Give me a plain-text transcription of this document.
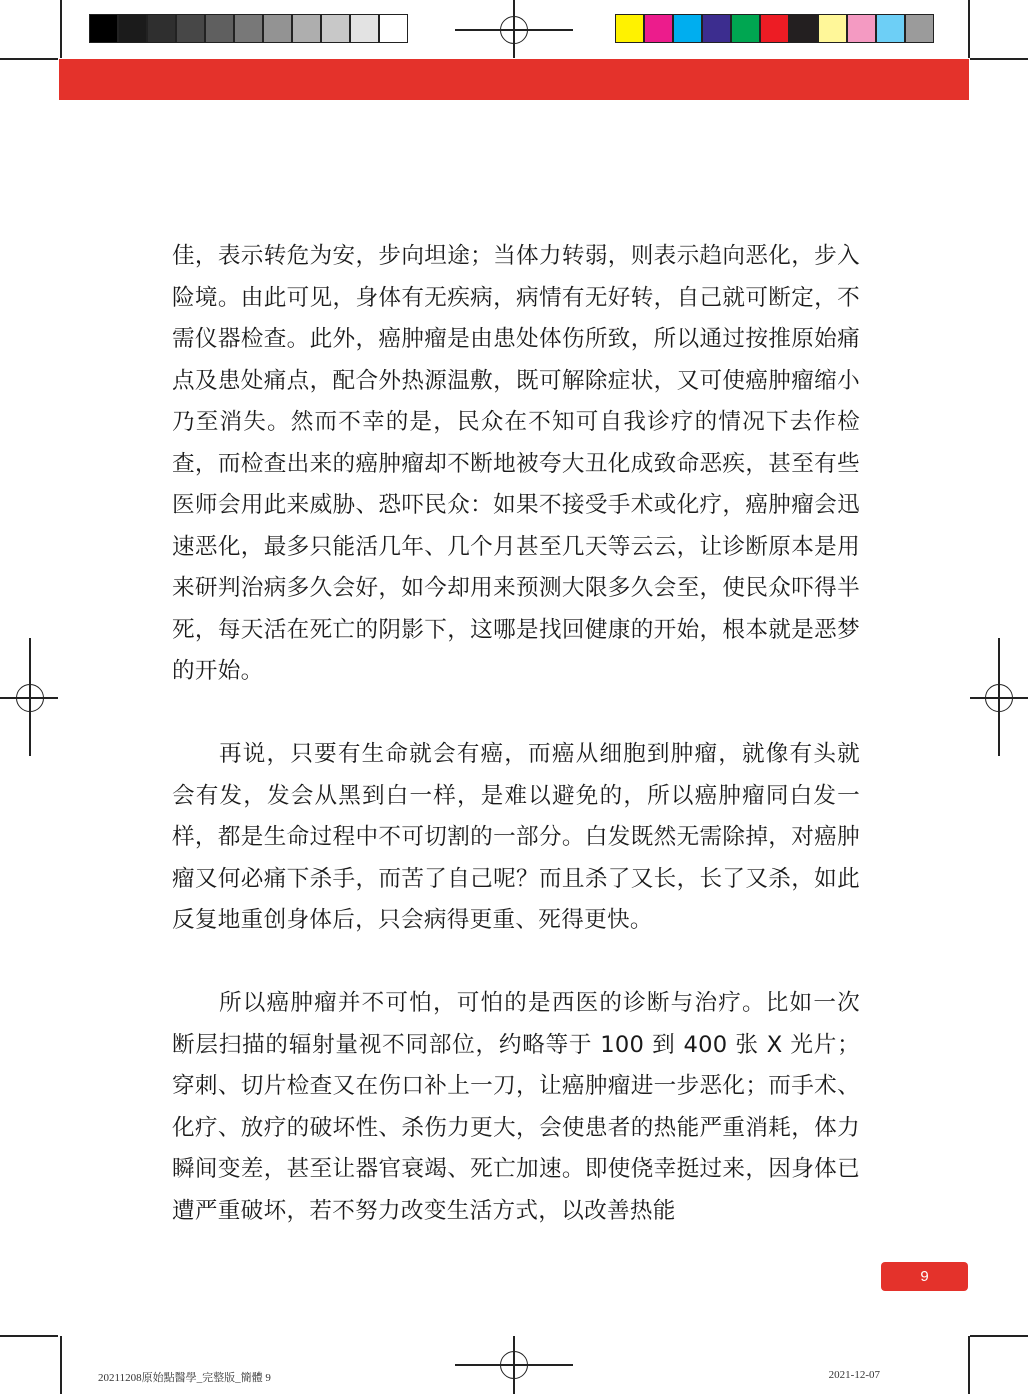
佳，表示转危为安，步向坦途；当体力转弱，则表示趋向恶化，步入险境。由此可见，身体有无疾病，病情有无好转，自己就可断定，不需仪器检查。此外，癌肿瘤是由患处体伤所致，所以通过按推原始痛点及患处痛点，配合外热源温敷，既可解除症状，又可使癌肿瘤缩小乃至消失。然而不幸的是，民众在不知可自我诊疗的情况下去作检查，而检查出来的癌肿瘤却不断地被夸大丑化成致命恶疾，甚至有些医师会用此来威胁、恐吓民众：如果不接受手术或化疗，癌肿瘤会迅速恶化，最多只能活几年、几个月甚至几天等云云，让诊断原本是用来研判治病多久会好，如今却用来预测大限多久会至，使民众吓得半死，每天活在死亡的阴影下，这哪是找回健康的开始，根本就是恶梦的开始。

再说，只要有生命就会有癌，而癌从细胞到肿瘤，就像有头就会有发，发会从黑到白一样，是难以避免的，所以癌肿瘤同白发一样，都是生命过程中不可切割的一部分。白发既然无需除掉，对癌肿瘤又何必痛下杀手，而苦了自己呢？而且杀了又长，长了又杀，如此反复地重创身体后，只会病得更重、死得更快。

所以癌肿瘤并不可怕，可怕的是西医的诊断与治疗。比如一次断层扫描的辐射量视不同部位，约略等于 100 到 400 张 X 光片；穿刺、切片检查又在伤口补上一刀，让癌肿瘤进一步恶化；而手术、化疗、放疗的破坏性、杀伤力更大，会使患者的热能严重消耗，体力瞬间变差，甚至让器官衰竭、死亡加速。即使侥幸挺过来，因身体已遭严重破坏，若不努力改变生活方式，以改善热能

9
20211208原始點醫學_完整版_簡體 9	2021-12-07
